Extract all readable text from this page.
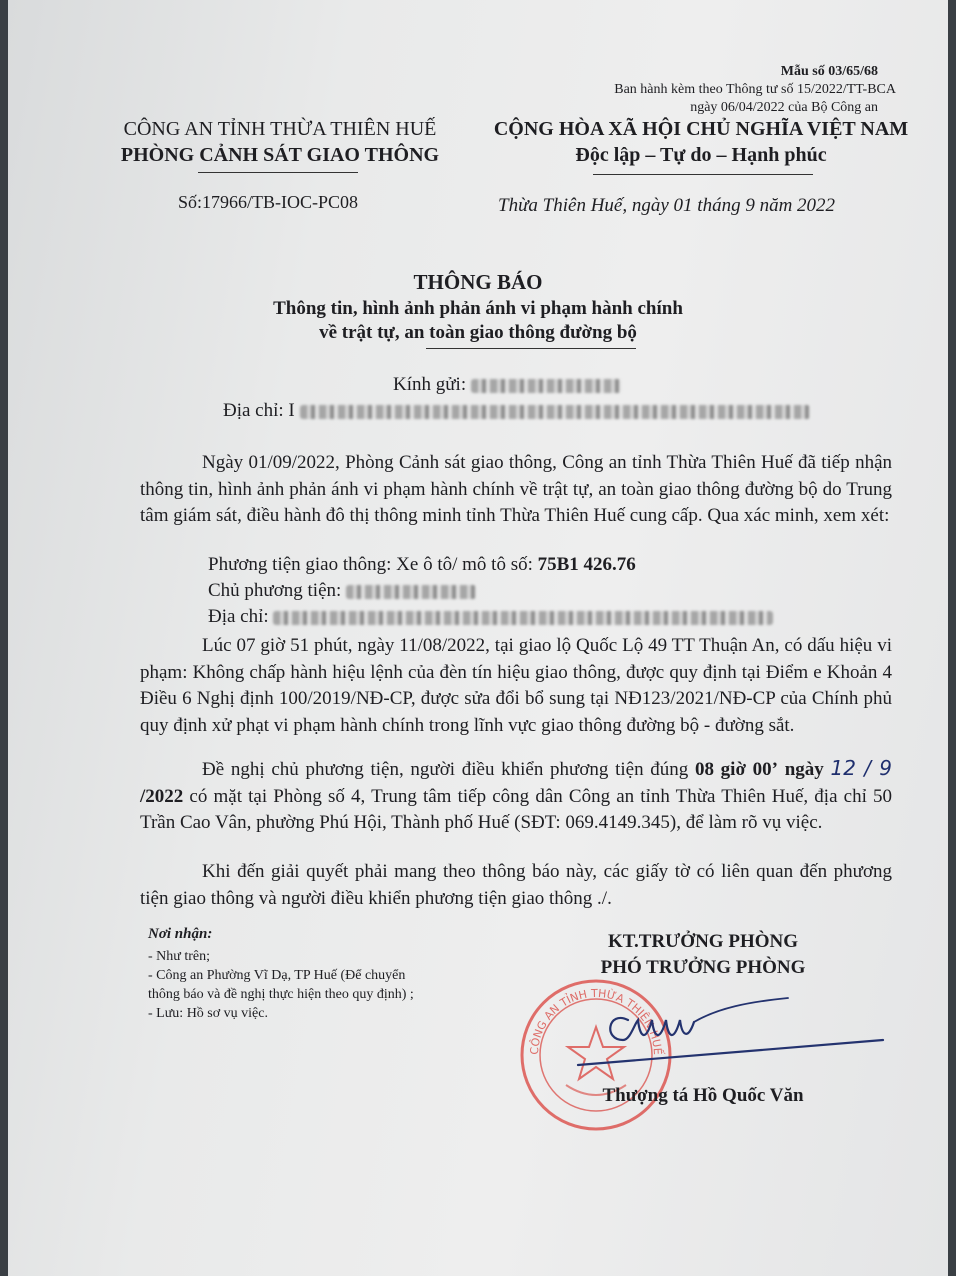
Mẫu số 03/65/68
Ban hành kèm theo Thông tư số 15/2022/TT-BCA
ngày 06/04/2022 của Bộ Công an
CÔNG AN TỈNH THỪA THIÊN HUẾ
PHÒNG CẢNH SÁT GIAO THÔNG
Số:17966/TB-IOC-PC08
CỘNG HÒA XÃ HỘI CHỦ NGHĨA VIỆT NAM
Độc lập – Tự do – Hạnh phúc
Thừa Thiên Huế, ngày 01 tháng 9 năm 2022
THÔNG BÁO
Thông tin, hình ảnh phản ánh vi phạm hành chính
về trật tự, an toàn giao thông đường bộ
Kính gửi:
Địa chỉ: I
Ngày 01/09/2022, Phòng Cảnh sát giao thông, Công an tỉnh Thừa Thiên Huế đã tiếp nhận thông tin, hình ảnh phản ánh vi phạm hành chính về trật tự, an toàn giao thông đường bộ do Trung tâm giám sát, điều hành đô thị thông minh tỉnh Thừa Thiên Huế cung cấp. Qua xác minh, xem xét:
Phương tiện giao thông: Xe ô tô/ mô tô số: 75B1 426.76
Chủ phương tiện:
Địa chỉ:
Lúc 07 giờ 51 phút, ngày 11/08/2022, tại giao lộ Quốc Lộ 49 TT Thuận An, có dấu hiệu vi phạm: Không chấp hành hiệu lệnh của đèn tín hiệu giao thông, được quy định tại Điểm e Khoản 4 Điều 6 Nghị định 100/2019/NĐ-CP, được sửa đổi bổ sung tại NĐ123/2021/NĐ-CP của Chính phủ quy định xử phạt vi phạm hành chính trong lĩnh vực giao thông đường bộ - đường sắt.
Đề nghị chủ phương tiện, người điều khiển phương tiện đúng 08 giờ 00’ ngày 12 / 9 /2022 có mặt tại Phòng số 4, Trung tâm tiếp công dân Công an tỉnh Thừa Thiên Huế, địa chỉ 50 Trần Cao Vân, phường Phú Hội, Thành phố Huế (SĐT: 069.4149.345), để làm rõ vụ việc.
Khi đến giải quyết phải mang theo thông báo này, các giấy tờ có liên quan đến phương tiện giao thông và người điều khiển phương tiện giao thông ./.
Nơi nhận:
- Như trên;
- Công an Phường Vĩ Dạ, TP Huế (Để chuyển
thông báo và đề nghị thực hiện theo quy định) ;
- Lưu: Hồ sơ vụ việc.
KT.TRƯỞNG PHÒNG
PHÓ TRƯỞNG PHÒNG
CÔNG AN TỈNH THỪA THIÊN HUẾ
Thượng tá Hồ Quốc Văn
